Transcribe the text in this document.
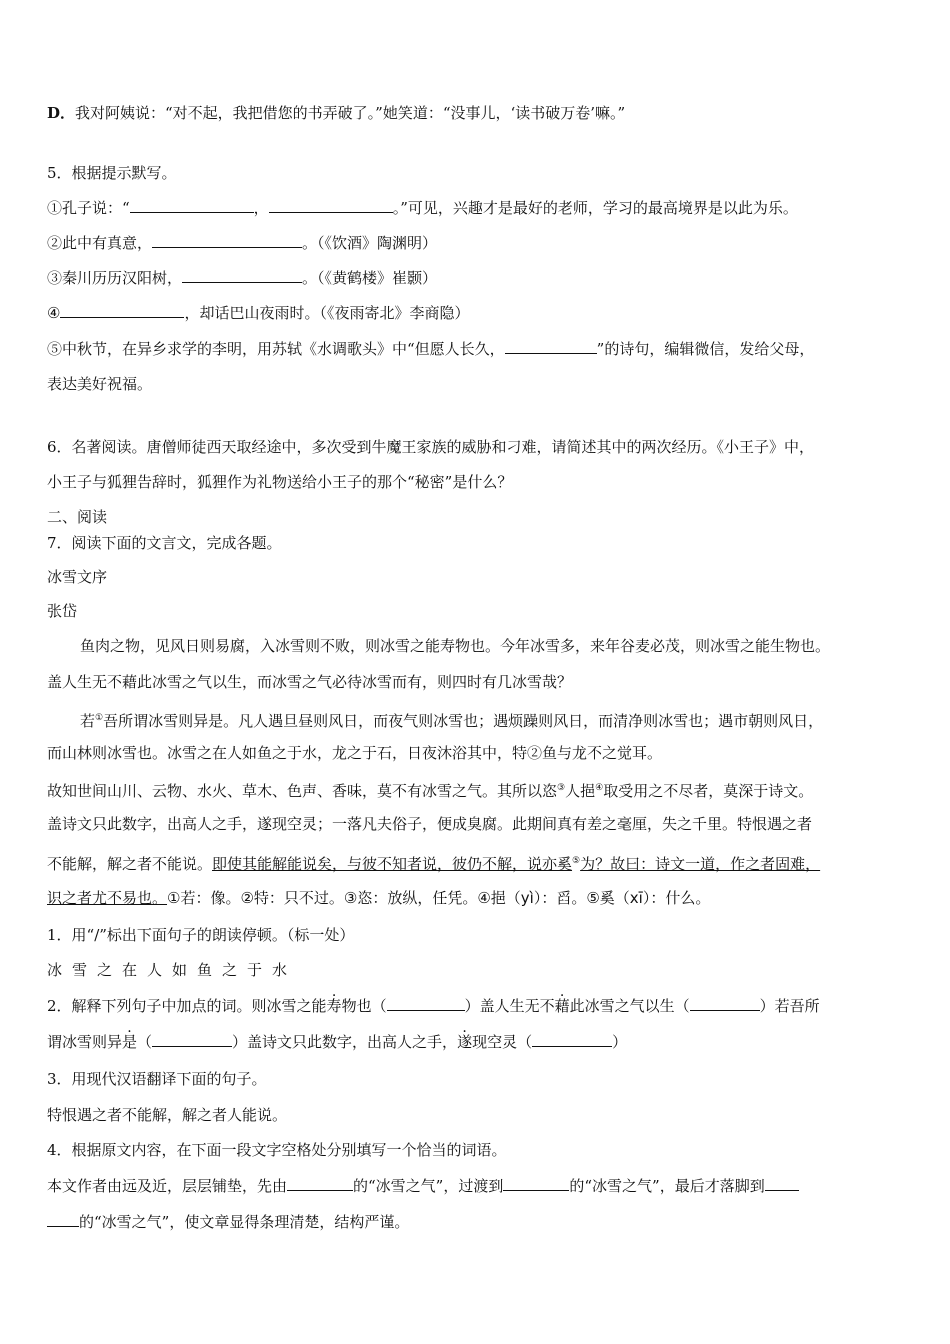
D．我对阿姨说：“对不起，我把借您的书弄破了。”她笑道：“没事儿，‘读书破万卷’嘛。”
5．根据提示默写。
①孔子说：“	，	。”可见，兴趣才是最好的老师，学习的最高境界是以此为乐。
②此中有真意，	。（《饮酒》陶渊明）
③秦川历历汉阳树，	。（《黄鹤楼》崔颢）
④	，却话巴山夜雨时。（《夜雨寄北》李商隐）
⑤中秋节，在异乡求学的李明，用苏轼《水调歌头》中“但愿人长久，	”的诗句，编辑微信，发给父母，
表达美好祝福。
6．名著阅读。唐僧师徒西天取经途中，多次受到牛魔王家族的威胁和刁难，请简述其中的两次经历。《小王子》中，
小王子与狐狸告辞时，狐狸作为礼物送给小王子的那个“秘密”是什么？
二、阅读
7．阅读下面的文言文，完成各题。
冰雪文序
张岱
鱼肉之物，见风日则易腐，入冰雪则不败，则冰雪之能寿物也。今年冰雪多，来年谷麦必茂，则冰雪之能生物也。
盖人生无不藉此冰雪之气以生，而冰雪之气必待冰雪而有，则四时有几冰雪哉？
若①吾所谓冰雪则异是。凡人遇旦昼则风日，而夜气则冰雪也；遇烦躁则风日，而清净则冰雪也；遇市朝则风日，
而山林则冰雪也。冰雪之在人如鱼之于水，龙之于石，日夜沐浴其中，特②鱼与龙不之觉耳。
故知世间山川、云物、水火、草木、色声、香味，莫不有冰雪之气。其所以恣③人挹④取受用之不尽者，莫深于诗文。
盖诗文只此数字，出高人之手，遂现空灵；一落凡夫俗子，便成臭腐。此期间真有差之毫厘，失之千里。特恨遇之者
不能解，解之者不能说。即使其能解能说矣，与彼不知者说，彼仍不解，说亦奚⑤为？故曰：诗文一道，作之者固难，
识之者尤不易也。①若：像。②特：只不过。③恣：放纵，任凭。④挹（yì）：舀。⑤奚（xī）：什么。
1．用“/”标出下面句子的朗读停顿。（标一处）
冰雪之在人如鱼之于水
2．解释下列句子中加点的词。则冰雪之能寿物也（	）盖人生无不藉此冰雪之气以生（	）若吾所
谓冰雪则异是（	）盖诗文只此数字，出高人之手，遂现空灵（	）
3．用现代汉语翻译下面的句子。
特恨遇之者不能解，解之者人能说。
4．根据原文内容，在下面一段文字空格处分别填写一个恰当的词语。
本文作者由远及近，层层铺垫，先由	的“冰雪之气”，过渡到	的“冰雪之气”，最后才落脚到
的“冰雪之气”，使文章显得条理清楚，结构严谨。
